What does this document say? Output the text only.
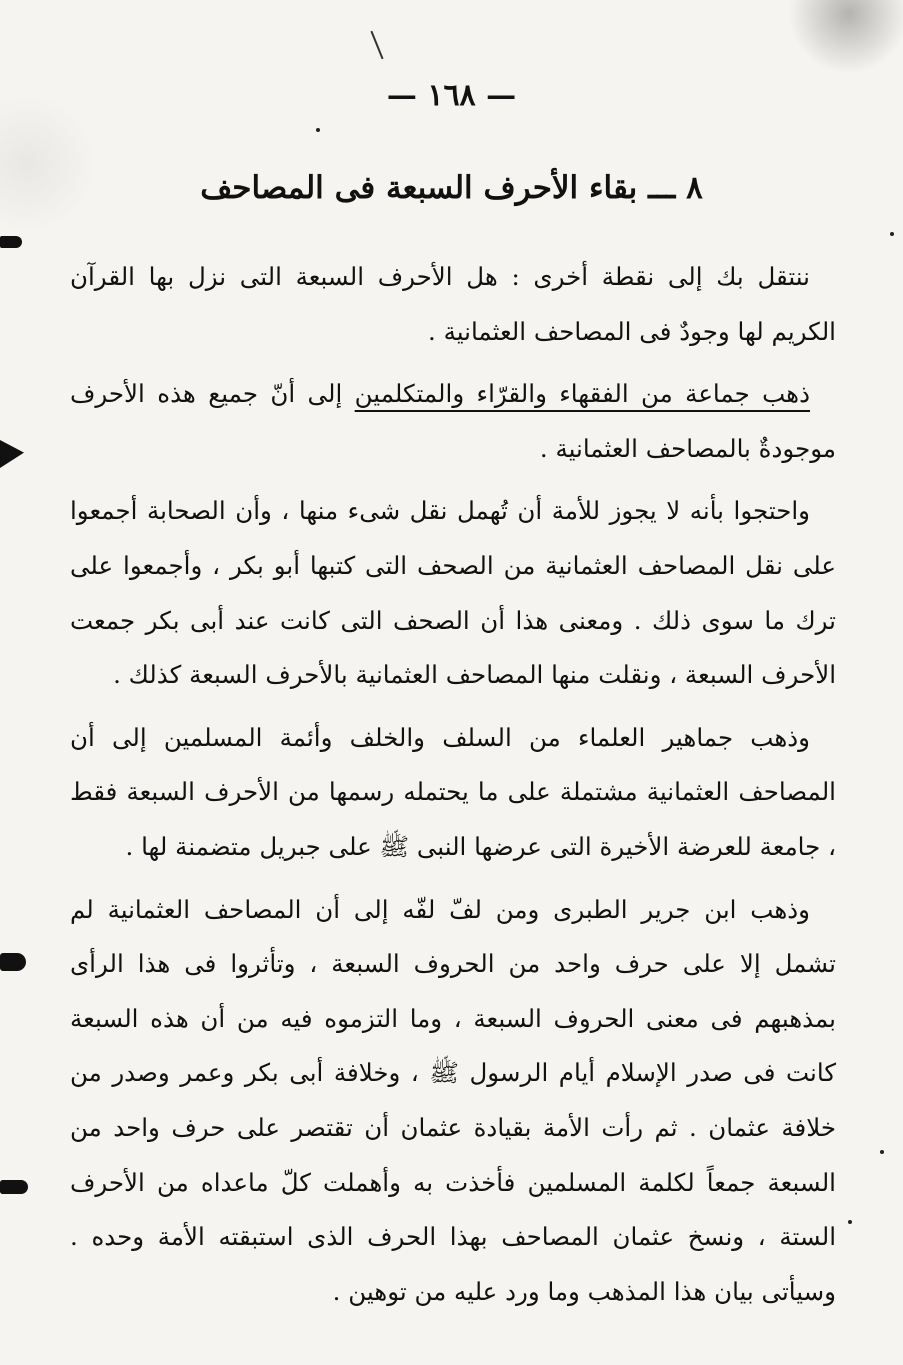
— ١٦٨ —
٨ ـــ بقاء الأحرف السبعة فى المصاحف

ننتقل بك إلى نقطة أخرى : هل الأحرف السبعة التى نزل بها القرآن الكريم لها وجودٌ فى المصاحف العثمانية .

ذهب جماعة من الفقهاء والقرّاء والمتكلمين إلى أنّ جميع هذه الأحرف موجودةٌ بالمصاحف العثمانية .

واحتجوا بأنه لا يجوز للأمة أن تُهمل نقل شىء منها ، وأن الصحابة أجمعوا على نقل المصاحف العثمانية من الصحف التى كتبها أبو بكر ، وأجمعوا على ترك ما سوى ذلك . ومعنى هذا أن الصحف التى كانت عند أبى بكر جمعت الأحرف السبعة ، ونقلت منها المصاحف العثمانية بالأحرف السبعة كذلك .

وذهب جماهير العلماء من السلف والخلف وأئمة المسلمين إلى أن المصاحف العثمانية مشتملة على ما يحتمله رسمها من الأحرف السبعة فقط ، جامعة للعرضة الأخيرة التى عرضها النبى ﷺ على جبريل متضمنة لها .

وذهب ابن جرير الطبرى ومن لفّ لفّه إلى أن المصاحف العثمانية لم تشمل إلا على حرف واحد من الحروف السبعة ، وتأثروا فى هذا الرأى بمذهبهم فى معنى الحروف السبعة ، وما التزموه فيه من أن هذه السبعة كانت فى صدر الإسلام أيام الرسول ﷺ ، وخلافة أبى بكر وعمر وصدر من خلافة عثمان . ثم رأت الأمة بقيادة عثمان أن تقتصر على حرف واحد من السبعة جمعاً لكلمة المسلمين فأخذت به وأهملت كلّ ماعداه من الأحرف الستة ، ونسخ عثمان المصاحف بهذا الحرف الذى استبقته الأمة وحده . وسيأتى بيان هذا المذهب وما ورد عليه من توهين .
